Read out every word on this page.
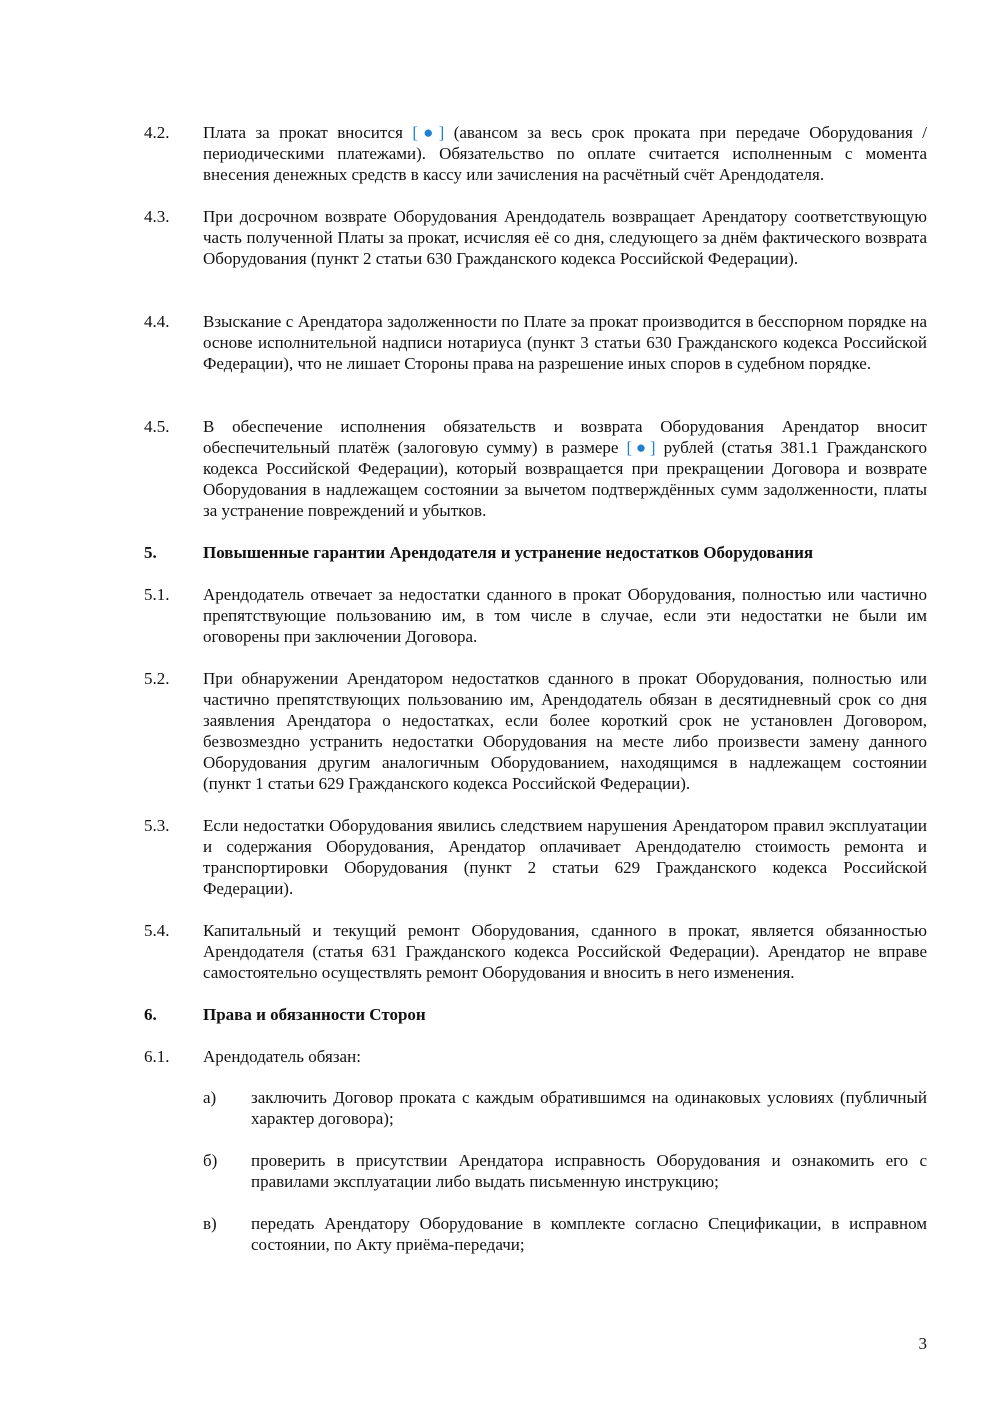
4.2.	Плата за прокат вносится [●] (авансом за весь срок проката при передаче Оборудования / периодическими платежами). Обязательство по оплате считается исполненным с момента внесения денежных средств в кассу или зачисления на расчётный счёт Арендодателя.
4.3.	При досрочном возврате Оборудования Арендодатель возвращает Арендатору соответствующую часть полученной Платы за прокат, исчисляя её со дня, следующего за днём фактического возврата Оборудования (пункт 2 статьи 630 Гражданского кодекса Российской Федерации).
4.4.	Взыскание с Арендатора задолженности по Плате за прокат производится в бесспорном порядке на основе исполнительной надписи нотариуса (пункт 3 статьи 630 Гражданского кодекса Российской Федерации), что не лишает Стороны права на разрешение иных споров в судебном порядке.
4.5.	В обеспечение исполнения обязательств и возврата Оборудования Арендатор вносит обеспечительный платёж (залоговую сумму) в размере [●] рублей (статья 381.1 Гражданского кодекса Российской Федерации), который возвращается при прекращении Договора и возврате Оборудования в надлежащем состоянии за вычетом подтверждённых сумм задолженности, платы за устранение повреждений и убытков.
5.	Повышенные гарантии Арендодателя и устранение недостатков Оборудования
5.1.	Арендодатель отвечает за недостатки сданного в прокат Оборудования, полностью или частично препятствующие пользованию им, в том числе в случае, если эти недостатки не были им оговорены при заключении Договора.
5.2.	При обнаружении Арендатором недостатков сданного в прокат Оборудования, полностью или частично препятствующих пользованию им, Арендодатель обязан в десятидневный срок со дня заявления Арендатора о недостатках, если более короткий срок не установлен Договором, безвозмездно устранить недостатки Оборудования на месте либо произвести замену данного Оборудования другим аналогичным Оборудованием, находящимся в надлежащем состоянии (пункт 1 статьи 629 Гражданского кодекса Российской Федерации).
5.3.	Если недостатки Оборудования явились следствием нарушения Арендатором правил эксплуатации и содержания Оборудования, Арендатор оплачивает Арендодателю стоимость ремонта и транспортировки Оборудования (пункт 2 статьи 629 Гражданского кодекса Российской Федерации).
5.4.	Капитальный и текущий ремонт Оборудования, сданного в прокат, является обязанностью Арендодателя (статья 631 Гражданского кодекса Российской Федерации). Арендатор не вправе самостоятельно осуществлять ремонт Оборудования и вносить в него изменения.
6.	Права и обязанности Сторон
6.1.	Арендодатель обязан:
а)	заключить Договор проката с каждым обратившимся на одинаковых условиях (публичный характер договора);
б)	проверить в присутствии Арендатора исправность Оборудования и ознакомить его с правилами эксплуатации либо выдать письменную инструкцию;
в)	передать Арендатору Оборудование в комплекте согласно Спецификации, в исправном состоянии, по Акту приёма-передачи;
3
